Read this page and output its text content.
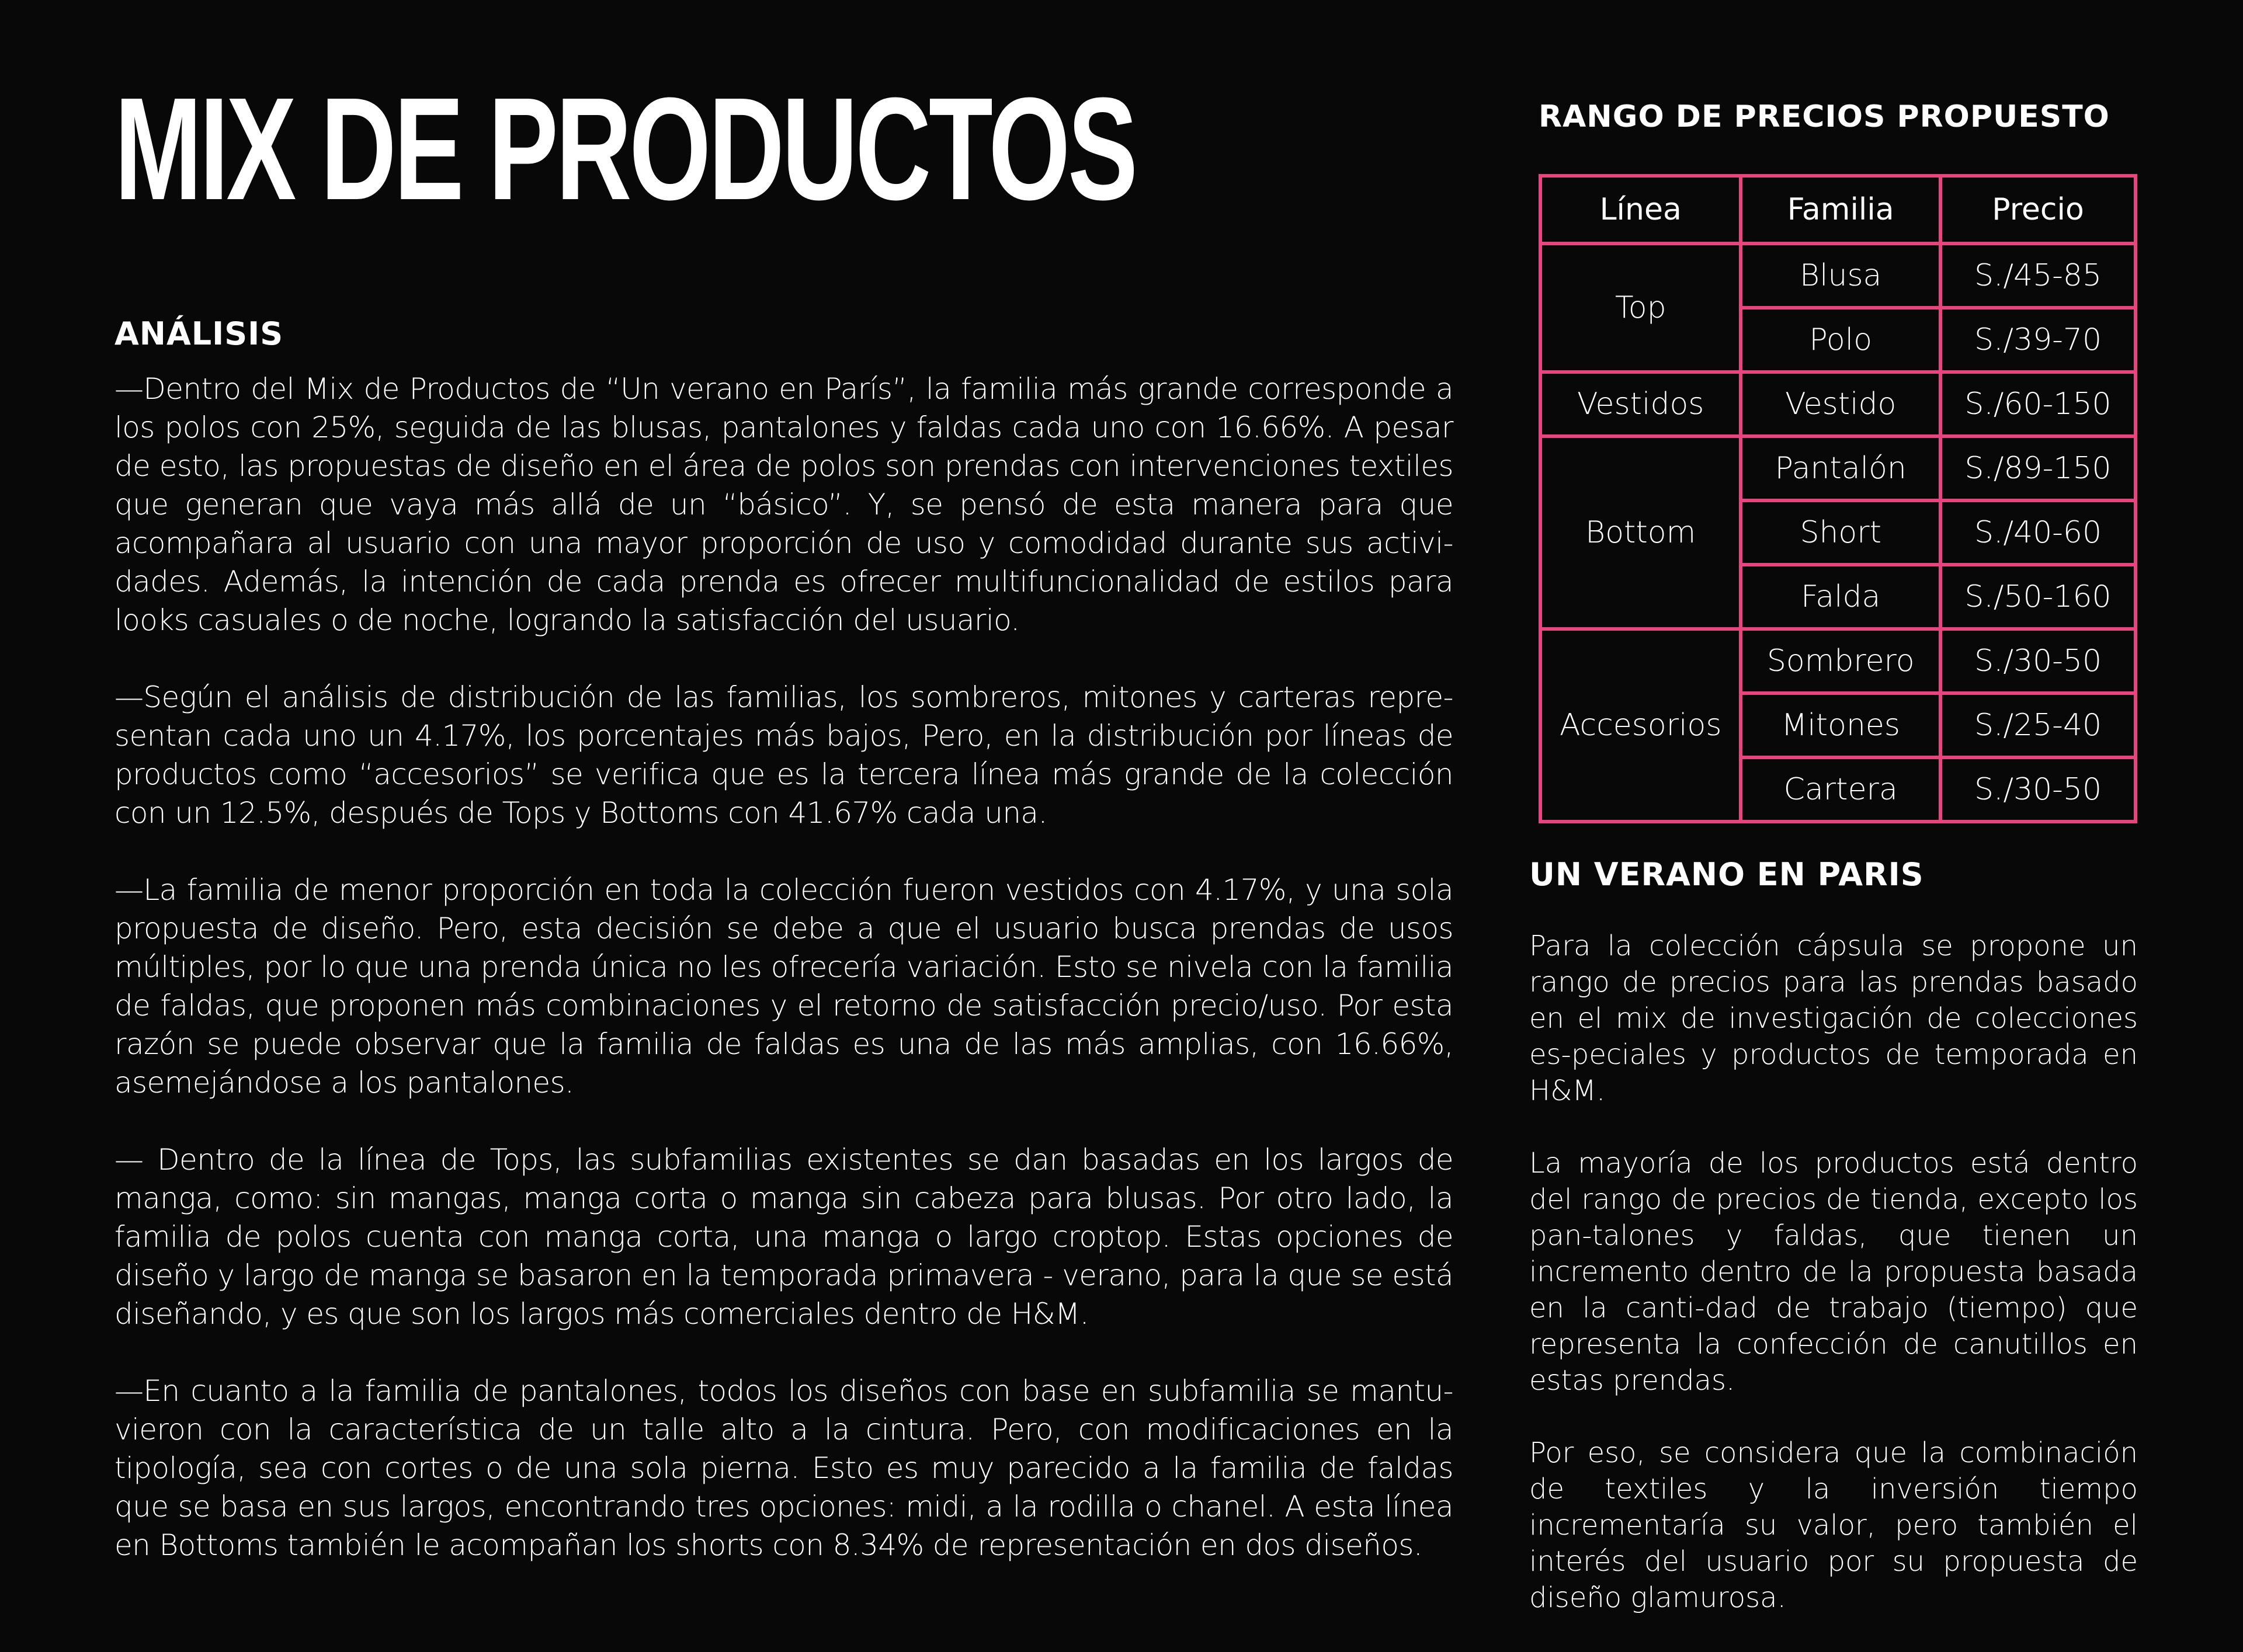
MIX DE PRODUCTOS
ANÁLISIS

—Dentro del Mix de Productos de “Un verano en París”, la familia más grande corresponde a los polos con 25%, seguida de las blusas, pantalones y faldas cada uno con 16.66%. A pesar de esto, las propuestas de diseño en el área de polos son prendas con intervenciones textiles que generan que vaya más allá de un “básico”. Y, se pensó de esta manera para que acompañara al usuario con una mayor proporción de uso y comodidad durante sus activi-dades. Además, la intención de cada prenda es ofrecer multifuncionalidad de estilos para looks casuales o de noche, logrando la satisfacción del usuario.

—Según el análisis de distribución de las familias, los sombreros, mitones y carteras repre-sentan cada uno un 4.17%, los porcentajes más bajos, Pero, en la distribución por líneas de productos como “accesorios” se verifica que es la tercera línea más grande de la colección con un 12.5%, después de Tops y Bottoms con 41.67% cada una.

—La familia de menor proporción en toda la colección fueron vestidos con 4.17%, y una sola propuesta de diseño. Pero, esta decisión se debe a que el usuario busca prendas de usos múltiples, por lo que una prenda única no les ofrecería variación. Esto se nivela con la familia de faldas, que proponen más combinaciones y el retorno de satisfacción precio/uso. Por esta razón se puede observar que la familia de faldas es una de las más amplias, con 16.66%, asemejándose a los pantalones.

— Dentro de la línea de Tops, las subfamilias existentes se dan basadas en los largos de manga, como: sin mangas, manga corta o manga sin cabeza para blusas. Por otro lado, la familia de polos cuenta con manga corta, una manga o largo croptop. Estas opciones de diseño y largo de manga se basaron en la temporada primavera - verano, para la que se está diseñando, y es que son los largos más comerciales dentro de H&M.

—En cuanto a la familia de pantalones, todos los diseños con base en subfamilia se mantu-vieron con la característica de un talle alto a la cintura. Pero, con modificaciones en la tipología, sea con cortes o de una sola pierna. Esto es muy parecido a la familia de faldas que se basa en sus largos, encontrando tres opciones: midi, a la rodilla o chanel. A esta línea en Bottoms también le acompañan los shorts con 8.34% de representación en dos diseños.

RANGO DE PRECIOS PROPUESTO
Línea	Familia	Precio
Top	Blusa	S./45-85
	Polo	S./39-70
Vestidos	Vestido	S./60-150
Bottom	Pantalón	S./89-150
	Short	S./40-60
	Falda	S./50-160
Accesorios	Sombrero	S./30-50
	Mitones	S./25-40
	Cartera	S./30-50
UN VERANO EN PARIS

Para la colección cápsula se propone un rango de precios para las prendas basado en el mix de investigación de colecciones es-peciales y productos de temporada en H&M.

La mayoría de los productos está dentro del rango de precios de tienda, excepto los pan-talones y faldas, que tienen un incremento dentro de la propuesta basada en la canti-dad de trabajo (tiempo) que representa la confección de canutillos en estas prendas.

Por eso, se considera que la combinación de textiles y la inversión tiempo incrementaría su valor, pero también el interés del usuario por su propuesta de diseño glamurosa.
